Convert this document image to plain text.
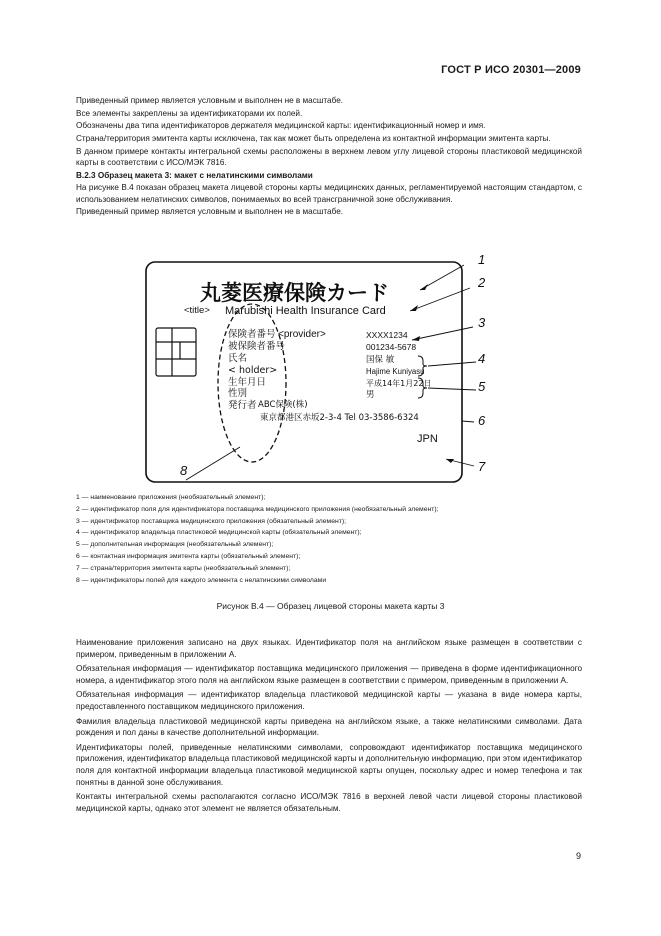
ГОСТ Р ИСО 20301—2009

Приведенный пример является условным и выполнен не в масштабе.

Все элементы закреплены за идентификаторами их полей.

Обозначены два типа идентификаторов держателя медицинской карты: идентификационный номер и имя.

Страна/территория эмитента карты исключена, так как может быть определена из контактной информации эмитента карты.

В данном примере контакты интегральной схемы расположены в верхнем левом углу лицевой стороны пластиковой медицинской карты в соответствии с ИСО/МЭК 7816.

В.2.3 Образец макета 3: макет с нелатинскими символами

На рисунке В.4 показан образец макета лицевой стороны карты медицинских данных, регламентируемой настоящим стандартом, с использованием нелатинских символов, понимаемых во всей трансграничной зоне обслуживания.

Приведенный пример является условным и выполнен не в масштабе.

丸菱医療保険カード
<title> Marubishi Health Insurance Card
保険者番号
被保険者番号
氏名
< holder>
生年月日
性別
発行者
<provider>	XXXX1234
001234-5678
国保 敏
Hajime Kuniyasu
平成14年1月22日
男
ABC保険(株)
東京都港区赤坂2-3-4 Tel 03-3586-6324
JPN
1
2
3
4
5
6
7
8
1 — наименование приложения (необязательный элемент);
2 — идентификатор поля для идентификатора поставщика медицинского приложения (необязательный элемент);
3 — идентификатор поставщика медицинского приложения (обязательный элемент);
4 — идентификатор владельца пластиковой медицинской карты (обязательный элемент);
5 — дополнительная информация (необязательный элемент);
6 — контактная информация эмитента карты (обязательный элемент);
7 — страна/территория эмитента карты (необязательный элемент);
8 — идентификаторы полей для каждого элемента с нелатинскими символами
Рисунок В.4 — Образец лицевой стороны макета карты 3

Наименование приложения записано на двух языках. Идентификатор поля на английском языке размещен в соответствии с примером, приведенным в приложении А.

Обязательная информация — идентификатор поставщика медицинского приложения — приведена в форме идентификационного номера, а идентификатор этого поля на английском языке размещен в соответствии с примером, приведенным в приложении А.

Обязательная информация — идентификатор владельца пластиковой медицинской карты — указана в виде номера карты, предоставленного поставщиком медицинского приложения.

Фамилия владельца пластиковой медицинской карты приведена на английском языке, а также нелатинскими символами. Дата рождения и пол даны в качестве дополнительной информации.

Идентификаторы полей, приведенные нелатинскими символами, сопровождают идентификатор поставщика медицинского приложения, идентификатор владельца пластиковой медицинской карты и дополнительную информацию, при этом идентификатор поля для контактной информации владельца пластиковой медицинской карты опущен, поскольку адрес и номер телефона и так понятны в данной зоне обслуживания.

Контакты интегральной схемы располагаются согласно ИСО/МЭК 7816 в верхней левой части лицевой стороны пластиковой медицинской карты, однако этот элемент не является обязательным.

9
